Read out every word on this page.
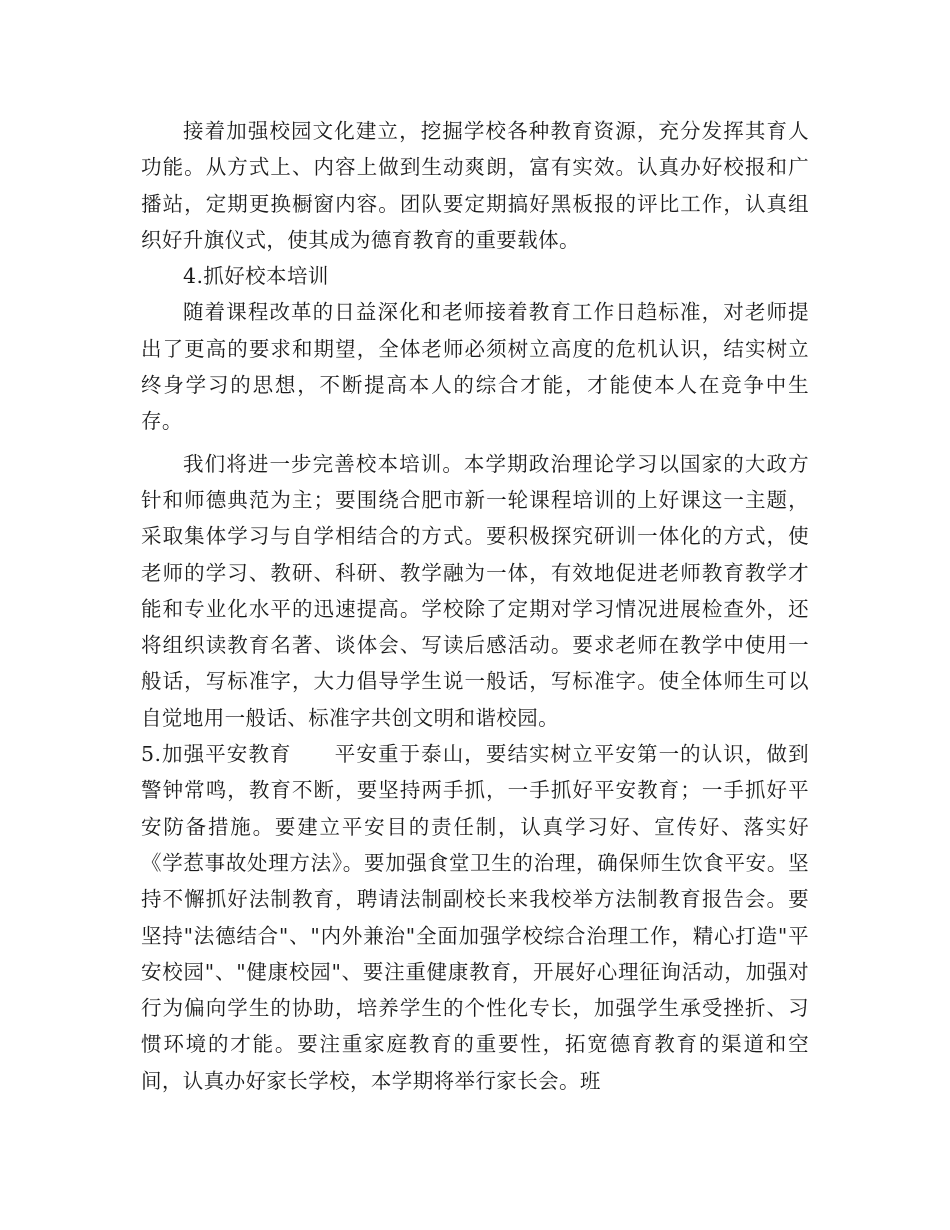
接着加强校园文化建立，挖掘学校各种教育资源，充分发挥其育人功能。从方式上、内容上做到生动爽朗，富有实效。认真办好校报和广播站，定期更换橱窗内容。团队要定期搞好黑板报的评比工作，认真组织好升旗仪式，使其成为德育教育的重要载体。

4.抓好校本培训

随着课程改革的日益深化和老师接着教育工作日趋标准，对老师提出了更高的要求和期望，全体老师必须树立高度的危机认识，结实树立终身学习的思想，不断提高本人的综合才能，才能使本人在竞争中生存。

我们将进一步完善校本培训。本学期政治理论学习以国家的大政方针和师德典范为主；要围绕合肥市新一轮课程培训的上好课这一主题，采取集体学习与自学相结合的方式。要积极探究研训一体化的方式，使老师的学习、教研、科研、教学融为一体，有效地促进老师教育教学才能和专业化水平的迅速提高。学校除了定期对学习情况进展检查外，还将组织读教育名著、谈体会、写读后感活动。要求老师在教学中使用一般话，写标准字，大力倡导学生说一般话，写标准字。使全体师生可以自觉地用一般话、标准字共创文明和谐校园。

5.加强平安教育　　 平安重于泰山，要结实树立平安第一的认识，做到警钟常鸣，教育不断，要坚持两手抓，一手抓好平安教育；一手抓好平安防备措施。要建立平安目的责任制，认真学习好、宣传好、落实好《学惹事故处理方法》。要加强食堂卫生的治理，确保师生饮食平安。坚持不懈抓好法制教育，聘请法制副校长来我校举方法制教育报告会。要坚持"法德结合"、"内外兼治"全面加强学校综合治理工作，精心打造"平安校园"、"健康校园"、要注重健康教育，开展好心理征询活动，加强对行为偏向学生的协助，培养学生的个性化专长，加强学生承受挫折、习惯环境的才能。要注重家庭教育的重要性，拓宽德育教育的渠道和空间，认真办好家长学校，本学期将举行家长会。班
